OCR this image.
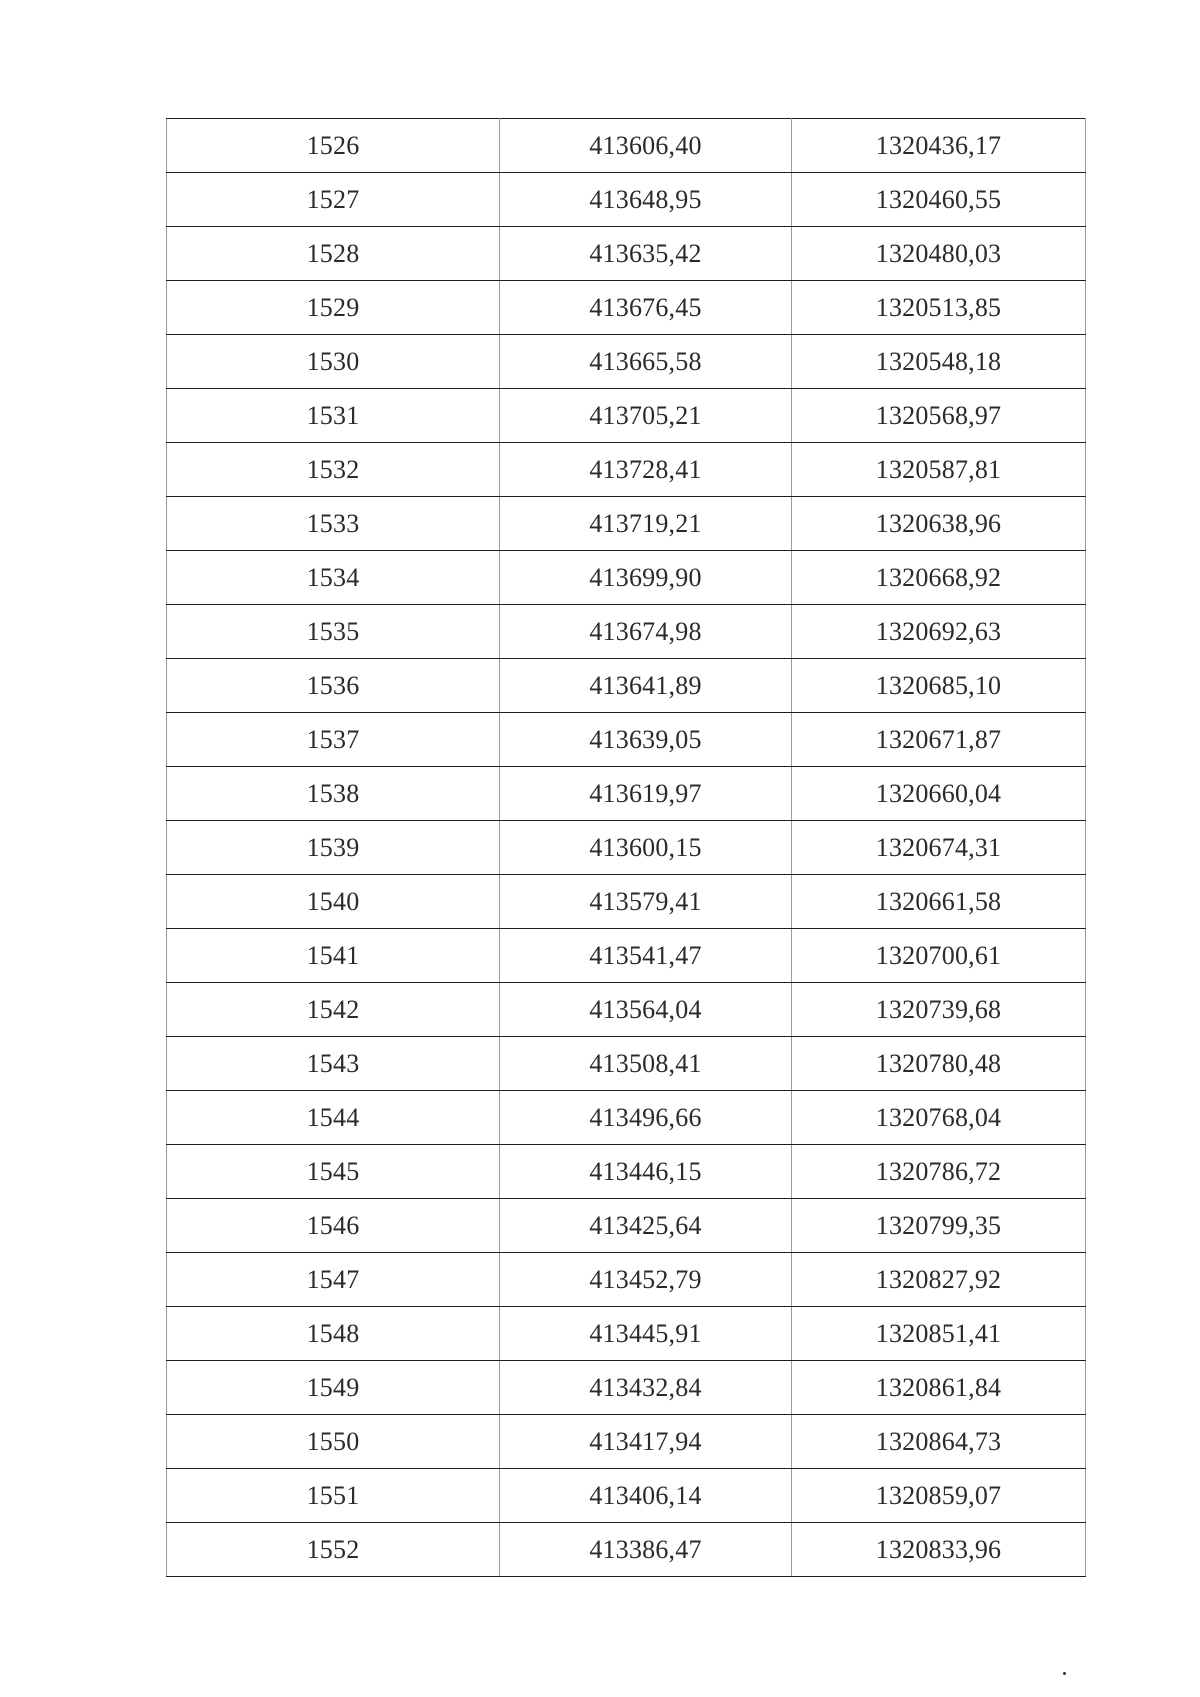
1526	413606,40	1320436,17
1527	413648,95	1320460,55
1528	413635,42	1320480,03
1529	413676,45	1320513,85
1530	413665,58	1320548,18
1531	413705,21	1320568,97
1532	413728,41	1320587,81
1533	413719,21	1320638,96
1534	413699,90	1320668,92
1535	413674,98	1320692,63
1536	413641,89	1320685,10
1537	413639,05	1320671,87
1538	413619,97	1320660,04
1539	413600,15	1320674,31
1540	413579,41	1320661,58
1541	413541,47	1320700,61
1542	413564,04	1320739,68
1543	413508,41	1320780,48
1544	413496,66	1320768,04
1545	413446,15	1320786,72
1546	413425,64	1320799,35
1547	413452,79	1320827,92
1548	413445,91	1320851,41
1549	413432,84	1320861,84
1550	413417,94	1320864,73
1551	413406,14	1320859,07
1552	413386,47	1320833,96
